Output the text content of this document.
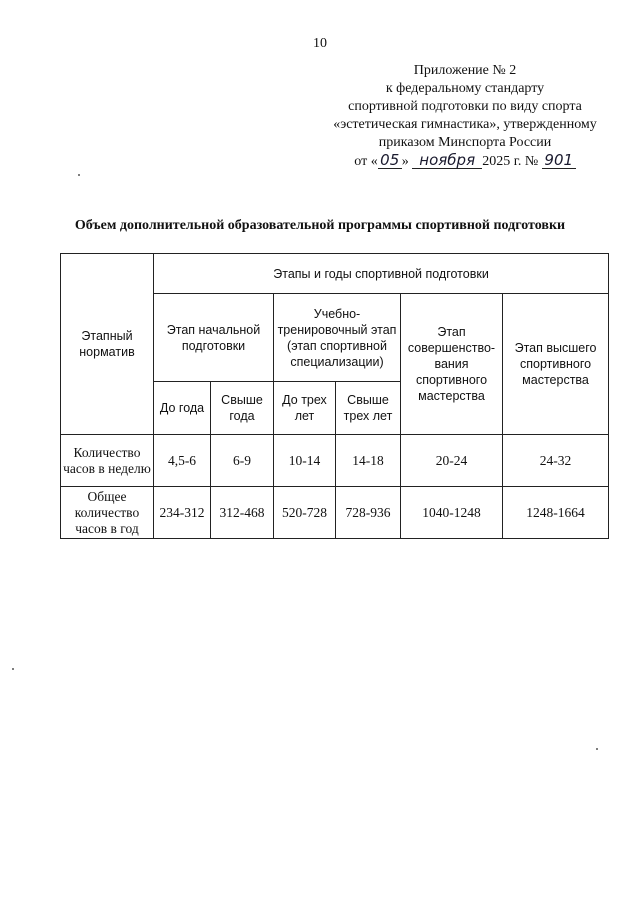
10
Приложение № 2
к федеральному стандарту
спортивной подготовки по виду спорта
«эстетическая гимнастика», утвержденному
приказом Минспорта России
от « 05 » ноября 2025 г. № 901
Объем дополнительной образовательной программы спортивной подготовки
Этапный норматив	Этапы и годы спортивной подготовки					
	Этап начальной подготовки		Учебно-тренировочный этап (этап спортивной специализации)		Этап совершенство-вания спортивного мастерства	Этап высшего спортивного мастерства
	До года	Свыше года	До трех лет	Свыше трех лет		
Количество часов в неделю	4,5-6	6-9	10-14	14-18	20-24	24-32
Общее количество часов в год	234-312	312-468	520-728	728-936	1040-1248	1248-1664
